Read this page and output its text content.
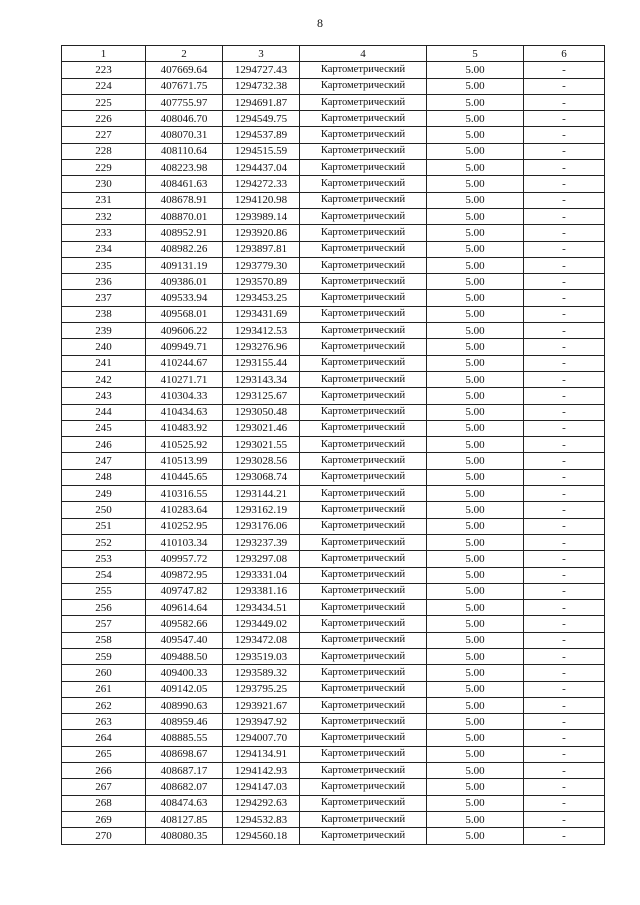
8
1	2	3	4	5	6
223	407669.64	1294727.43	Картометрический	5.00	-
224	407671.75	1294732.38	Картометрический	5.00	-
225	407755.97	1294691.87	Картометрический	5.00	-
226	408046.70	1294549.75	Картометрический	5.00	-
227	408070.31	1294537.89	Картометрический	5.00	-
228	408110.64	1294515.59	Картометрический	5.00	-
229	408223.98	1294437.04	Картометрический	5.00	-
230	408461.63	1294272.33	Картометрический	5.00	-
231	408678.91	1294120.98	Картометрический	5.00	-
232	408870.01	1293989.14	Картометрический	5.00	-
233	408952.91	1293920.86	Картометрический	5.00	-
234	408982.26	1293897.81	Картометрический	5.00	-
235	409131.19	1293779.30	Картометрический	5.00	-
236	409386.01	1293570.89	Картометрический	5.00	-
237	409533.94	1293453.25	Картометрический	5.00	-
238	409568.01	1293431.69	Картометрический	5.00	-
239	409606.22	1293412.53	Картометрический	5.00	-
240	409949.71	1293276.96	Картометрический	5.00	-
241	410244.67	1293155.44	Картометрический	5.00	-
242	410271.71	1293143.34	Картометрический	5.00	-
243	410304.33	1293125.67	Картометрический	5.00	-
244	410434.63	1293050.48	Картометрический	5.00	-
245	410483.92	1293021.46	Картометрический	5.00	-
246	410525.92	1293021.55	Картометрический	5.00	-
247	410513.99	1293028.56	Картометрический	5.00	-
248	410445.65	1293068.74	Картометрический	5.00	-
249	410316.55	1293144.21	Картометрический	5.00	-
250	410283.64	1293162.19	Картометрический	5.00	-
251	410252.95	1293176.06	Картометрический	5.00	-
252	410103.34	1293237.39	Картометрический	5.00	-
253	409957.72	1293297.08	Картометрический	5.00	-
254	409872.95	1293331.04	Картометрический	5.00	-
255	409747.82	1293381.16	Картометрический	5.00	-
256	409614.64	1293434.51	Картометрический	5.00	-
257	409582.66	1293449.02	Картометрический	5.00	-
258	409547.40	1293472.08	Картометрический	5.00	-
259	409488.50	1293519.03	Картометрический	5.00	-
260	409400.33	1293589.32	Картометрический	5.00	-
261	409142.05	1293795.25	Картометрический	5.00	-
262	408990.63	1293921.67	Картометрический	5.00	-
263	408959.46	1293947.92	Картометрический	5.00	-
264	408885.55	1294007.70	Картометрический	5.00	-
265	408698.67	1294134.91	Картометрический	5.00	-
266	408687.17	1294142.93	Картометрический	5.00	-
267	408682.07	1294147.03	Картометрический	5.00	-
268	408474.63	1294292.63	Картометрический	5.00	-
269	408127.85	1294532.83	Картометрический	5.00	-
270	408080.35	1294560.18	Картометрический	5.00	-
